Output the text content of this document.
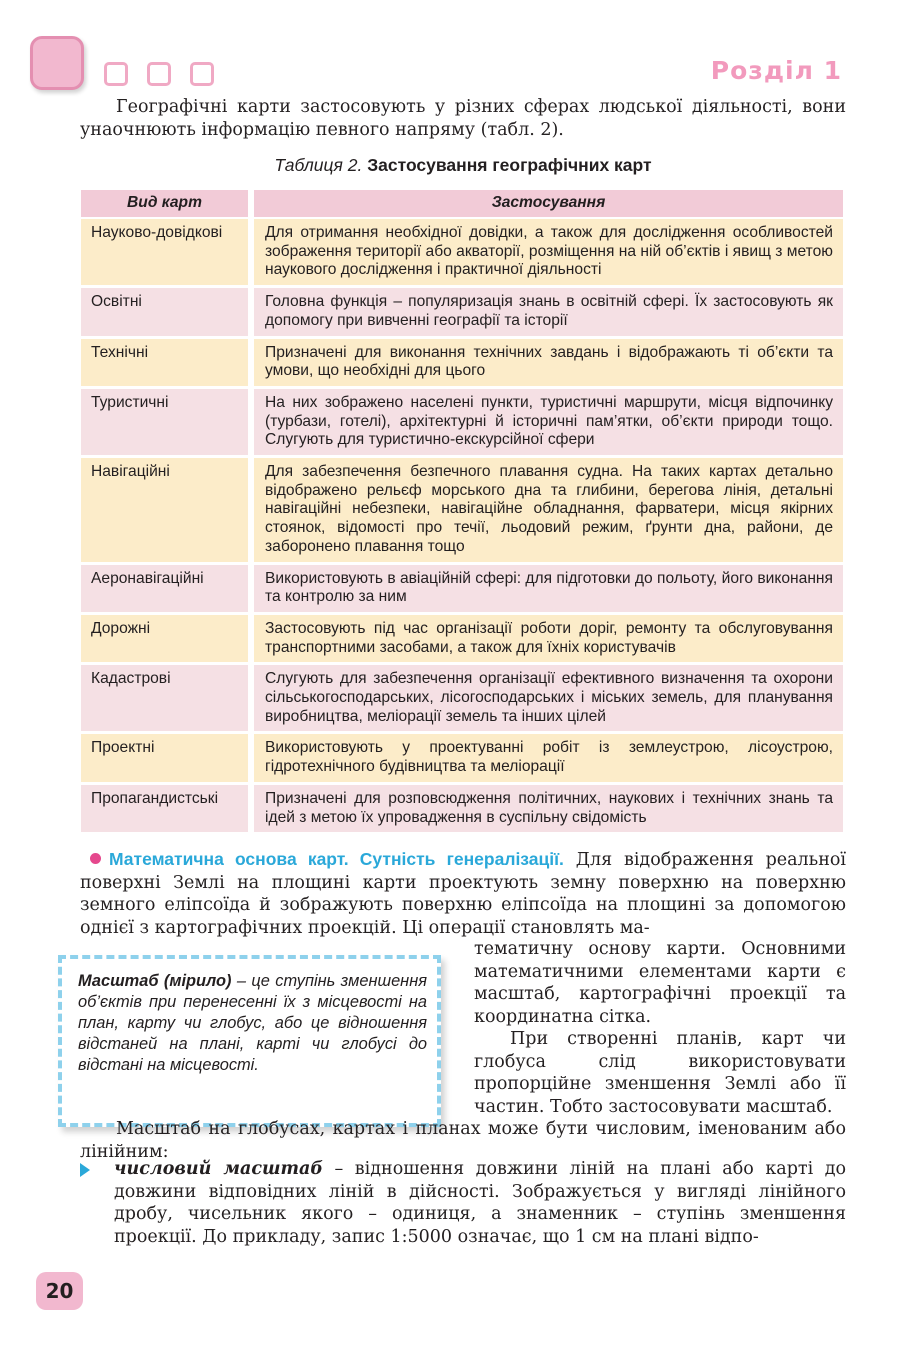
Розділ 1
Географічні карти застосовують у різних сферах людської діяльності, вони унаочнюють інформацію певного напряму (табл. 2).
Таблиця 2. Застосування географічних карт
Вид карт	Застосування
Науково-довідкові	Для отримання необхідної довідки, а також для дослідження особливостей зображення території або акваторії, розміщення на ній об’єктів і явищ з метою наукового дослідження і практичної діяльності
Освітні	Головна функція – популяризація знань в освітній сфері. Їх застосовують як допомогу при вивченні географії та історії
Технічні	Призначені для виконання технічних завдань і відображають ті об’єкти та умови, що необхідні для цього
Туристичні	На них зображено населені пункти, туристичні маршрути, місця відпочинку (турбази, готелі), архітектурні й історичні пам’ятки, об’єкти природи тощо. Слугують для туристично-екскурсійної сфери
Навігаційні	Для забезпечення безпечного плавання судна. На таких картах детально відображено рельєф морського дна та глибини, берегова лінія, детальні навігаційні небезпеки, навігаційне обладнання, фарватери, місця якірних стоянок, відомості про течії, льодовий режим, ґрунти дна, райони, де заборонено плавання тощо
Аеронавігаційні	Використовують в авіаційній сфері: для підготовки до польоту, його виконання та контролю за ним
Дорожні	Застосовують під час організації роботи доріг, ремонту та обслуговування транспортними засобами, а також для їхніх користувачів
Кадастрові	Слугують для забезпечення організації ефективного визначення та охорони сільськогосподарських, лісогосподарських і міських земель, для планування виробництва, меліорації земель та інших цілей
Проектні	Використовують у проектуванні робіт із землеустрою, лісоустрою, гідротехнічного будівництва та меліорації
Пропагандистські	Призначені для розповсюдження політичних, наукових і технічних знань та ідей з метою їх упровадження в суспільну свідомість
Математична основа карт. Сутність генералізації. Для відображення реальної поверхні Землі на площині карти проектують земну поверхню на поверхню земного еліпсоїда й зображують поверхню еліпсоїда на площині за допомогою однієї з картографічних проекцій. Ці операції становлять ма-
Масштаб (мірило) – це ступінь зменшення об’єктів при перенесенні їх з місцевості на план, карту чи глобус, або це відношення відстаней на плані, карті чи глобусі до відстані на місцевості.
тематичну основу карти. Основними математичними елементами карти є масштаб, картографічні проекції та координатна сітка.
При створенні планів, карт чи глобуса слід використовувати пропорційне зменшення Землі або її частин. Тобто застосовувати масштаб.
Масштаб на глобусах, картах і планах може бути числовим, іменованим або лінійним:
числовий масштаб – відношення довжини ліній на плані або карті до довжини відповідних ліній в дійсності. Зображується у вигляді лінійного дробу, чисельник якого – одиниця, а знаменник – ступінь зменшення проекції. До прикладу, запис 1:5000 означає, що 1 см на плані відпо-
20
